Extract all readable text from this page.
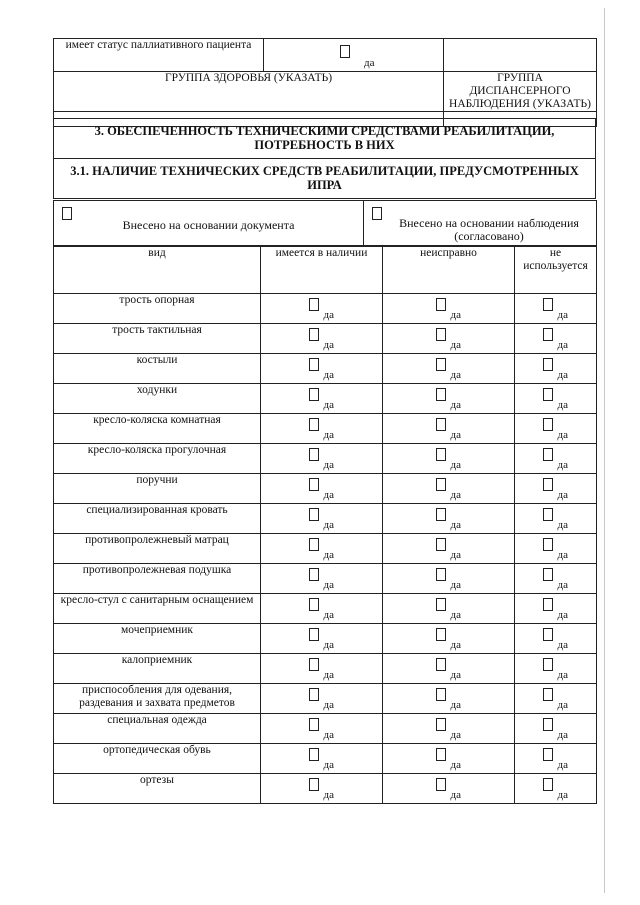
имеет статус паллиативного пациента	да	

ГРУППА ЗДОРОВЬЯ (УКАЗАТЬ)		ГРУППА ДИСПАНСЕРНОГО НАБЛЮДЕНИЯ (УКАЗАТЬ)

3. ОБЕСПЕЧЕННОСТЬ ТЕХНИЧЕСКИМИ СРЕДСТВАМИ РЕАБИЛИТАЦИИ, ПОТРЕБНОСТЬ В НИХ
3.1. НАЛИЧИЕ ТЕХНИЧЕСКИХ СРЕДСТВ РЕАБИЛИТАЦИИ, ПРЕДУСМОТРЕННЫХ ИПРА
Внесено на основании документа	Внесено на основании наблюдения (согласовано)
вид	имеется в наличии	неисправно	не используется
трость опорная	да	да	да

трость тактильная	да	да	да

костыли	да	да	да

ходунки	да	да	да

кресло-коляска комнатная	да	да	да

кресло-коляска прогулочная	да	да	да

поручни	да	да	да

специализированная кровать	да	да	да

противопролежневый матрац	да	да	да

противопролежневая подушка	да	да	да

кресло-стул с санитарным оснащением	да	да	да

мочеприемник	да	да	да

калоприемник	да	да	да

приспособления для одевания, раздевания и захвата предметов	да	да	да

специальная одежда	да	да	да

ортопедическая обувь	да	да	да

ортезы	да	да	да
